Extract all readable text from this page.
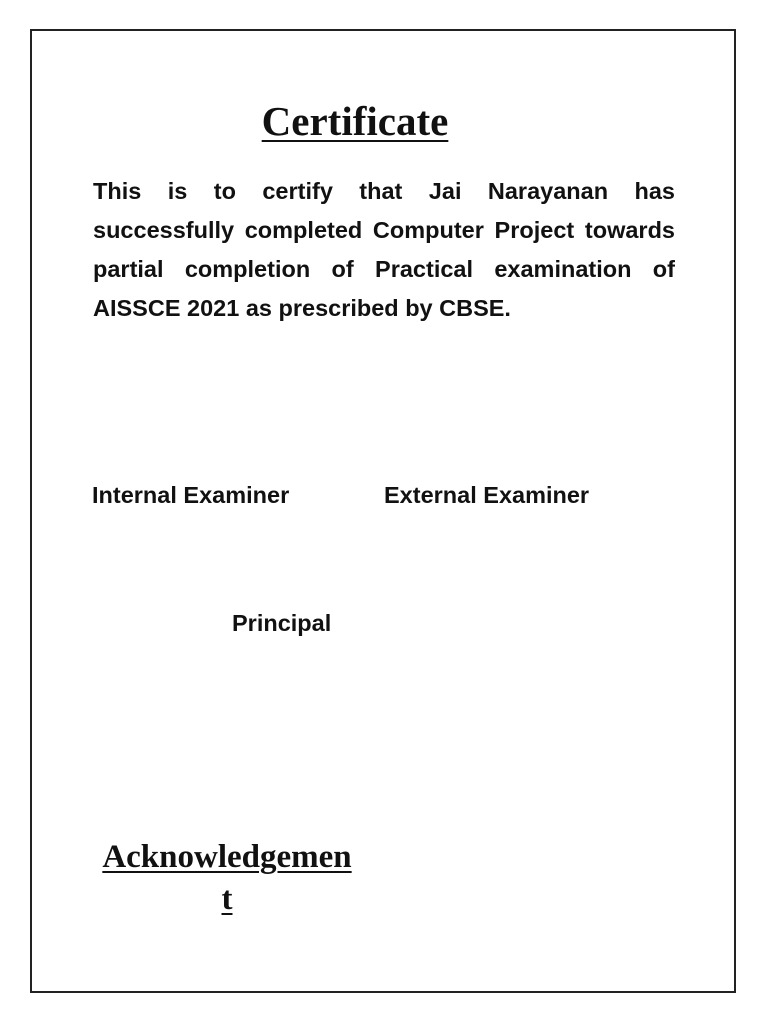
Certificate

This is to certify that Jai Narayanan has successfully completed Computer Project towards partial completion of Practical examination of AISSCE 2021 as prescribed by CBSE.

Internal Examiner	External Examiner
Principal
Acknowledgement
